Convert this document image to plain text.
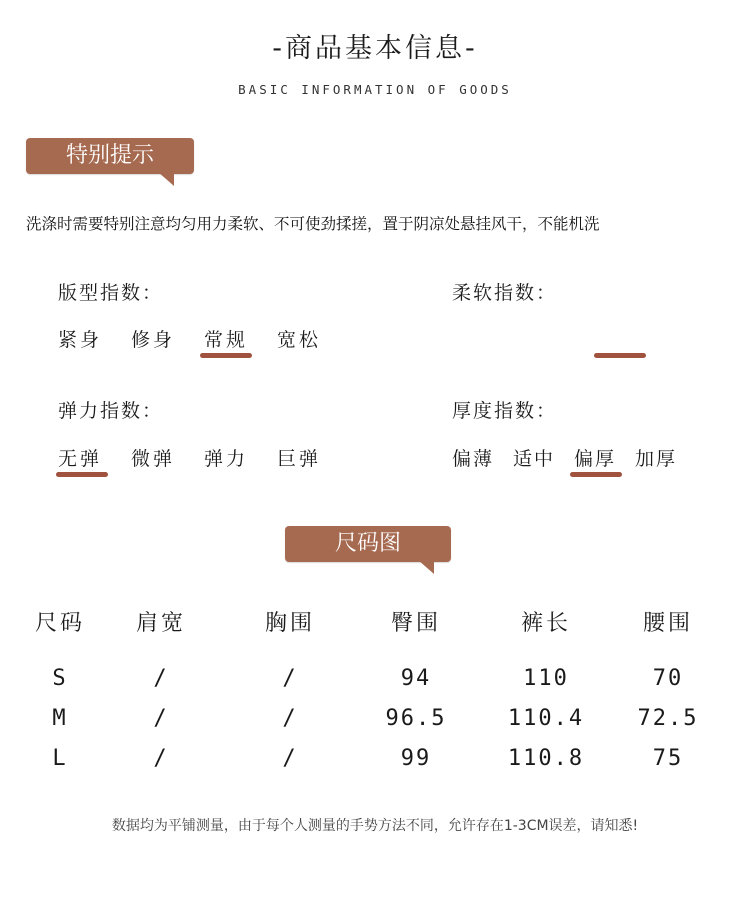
-商品基本信息-
BASIC INFORMATION OF GOODS
特别提示
洗涤时需要特别注意均匀用力柔软、不可使劲揉搓，置于阴凉处悬挂风干，不能机洗
版型指数：
紧身 修身 常规 宽松
柔软指数：
弹力指数：
无弹 微弹 弹力 巨弹
厚度指数：
偏薄 适中 偏厚 加厚
尺码图
尺码	肩宽	胸围	臀围	裤长	腰围
S	/	/	94	110	70
M	/	/	96.5	110.4	72.5
L	/	/	99	110.8	75
数据均为平铺测量，由于每个人测量的手势方法不同，允许存在1-3CM误差，请知悉!
